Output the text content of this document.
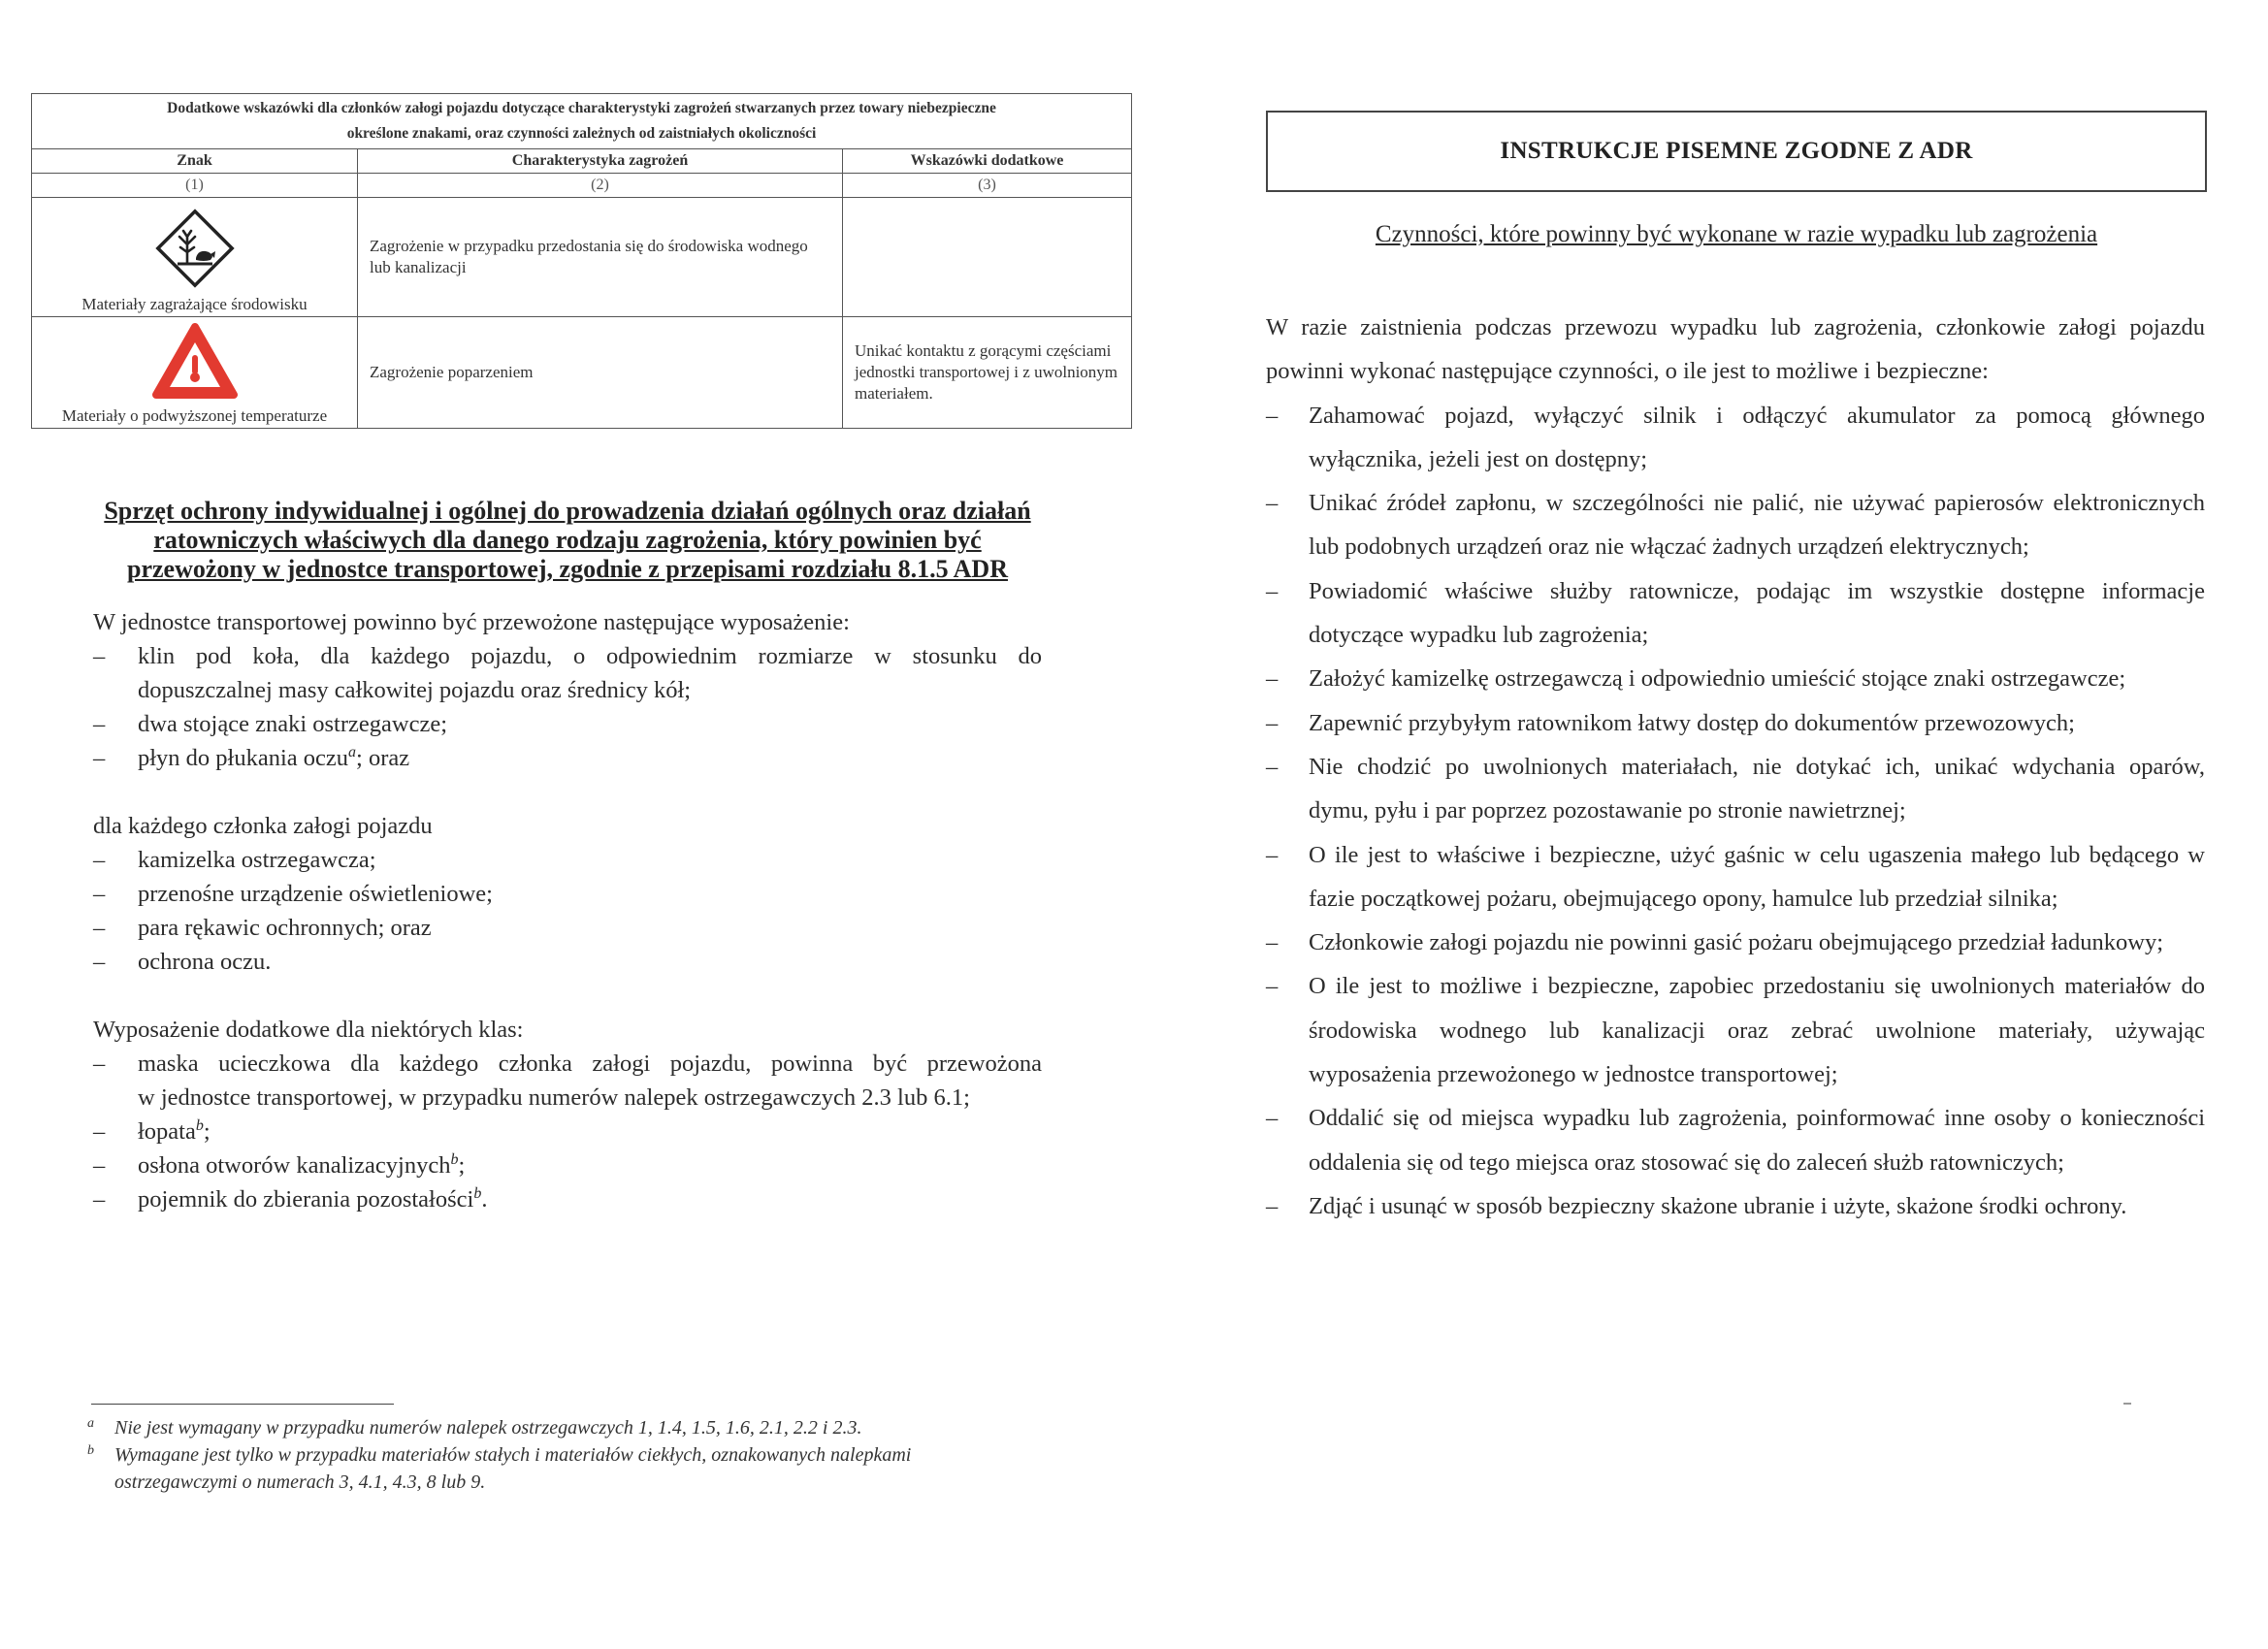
Dodatkowe wskazówki dla członków załogi pojazdu dotyczące charakterystyki zagrożeń stwarzanych przez towary niebezpieczne
określone znakami, oraz czynności zależnych od zaistniałych okoliczności		
Znak	Charakterystyka zagrożeń	Wskazówki dodatkowe
(1)	(2)	(3)

Materiały zagrażające środowisku	Zagrożenie w przypadku przedostania się do środowiska wodnego lub kanalizacji	

Materiały o podwyższonej temperaturze	Zagrożenie poparzeniem	Unikać kontaktu z gorącymi częściami jednostki transportowej i z uwolnionym materiałem.
Sprzęt ochrony indywidualnej i ogólnej do prowadzenia działań ogólnych oraz działań
ratowniczych właściwych dla danego rodzaju zagrożenia, który powinien być
przewożony w jednostce transportowej, zgodnie z przepisami rozdziału 8.1.5 ADR
W jednostce transportowej powinno być przewożone następujące wyposażenie:
– klin pod koła, dla każdego pojazdu, o odpowiednim rozmiarze w stosunku do
dopuszczalnej masy całkowitej pojazdu oraz średnicy kół;
– dwa stojące znaki ostrzegawcze;
– płyn do płukania oczu$^a$; oraz
dla każdego członka załogi pojazdu
– kamizelka ostrzegawcza;
– przenośne urządzenie oświetleniowe;
– para rękawic ochronnych; oraz
– ochrona oczu.
Wyposażenie dodatkowe dla niektórych klas:
– maska ucieczkowa dla każdego członka załogi pojazdu, powinna być przewożona
w jednostce transportowej, w przypadku numerów nalepek ostrzegawczych 2.3 lub 6.1;
– łopata$^b$;
– osłona otworów kanalizacyjnych$^b$;
– pojemnik do zbierania pozostałości$^b$.
a Nie jest wymagany w przypadku numerów nalepek ostrzegawczych 1, 1.4, 1.5, 1.6, 2.1, 2.2 i 2.3.
b Wymagane jest tylko w przypadku materiałów stałych i materiałów ciekłych, oznakowanych nalepkami
ostrzegawczymi o numerach 3, 4.1, 4.3, 8 lub 9.
INSTRUKCJE PISEMNE ZGODNE Z ADR
Czynności, które powinny być wykonane w razie wypadku lub zagrożenia
W razie zaistnienia podczas przewozu wypadku lub zagrożenia, członkowie załogi pojazdu
powinni wykonać następujące czynności, o ile jest to możliwe i bezpieczne:
– Zahamować pojazd, wyłączyć silnik i odłączyć akumulator za pomocą głównego
wyłącznika, jeżeli jest on dostępny;
– Unikać źródeł zapłonu, w szczególności nie palić, nie używać papierosów elektronicznych
lub podobnych urządzeń oraz nie włączać żadnych urządzeń elektrycznych;
– Powiadomić właściwe służby ratownicze, podając im wszystkie dostępne informacje
dotyczące wypadku lub zagrożenia;
– Założyć kamizelkę ostrzegawczą i odpowiednio umieścić stojące znaki ostrzegawcze;
– Zapewnić przybyłym ratownikom łatwy dostęp do dokumentów przewozowych;
– Nie chodzić po uwolnionych materiałach, nie dotykać ich, unikać wdychania oparów,
dymu, pyłu i par poprzez pozostawanie po stronie nawietrznej;
– O ile jest to właściwe i bezpieczne, użyć gaśnic w celu ugaszenia małego lub będącego w
fazie początkowej pożaru, obejmującego opony, hamulce lub przedział silnika;
– Członkowie załogi pojazdu nie powinni gasić pożaru obejmującego przedział ładunkowy;
– O ile jest to możliwe i bezpieczne, zapobiec przedostaniu się uwolnionych materiałów do
środowiska wodnego lub kanalizacji oraz zebrać uwolnione materiały, używając
wyposażenia przewożonego w jednostce transportowej;
– Oddalić się od miejsca wypadku lub zagrożenia, poinformować inne osoby o konieczności
oddalenia się od tego miejsca oraz stosować się do zaleceń służb ratowniczych;
– Zdjąć i usunąć w sposób bezpieczny skażone ubranie i użyte, skażone środki ochrony.
